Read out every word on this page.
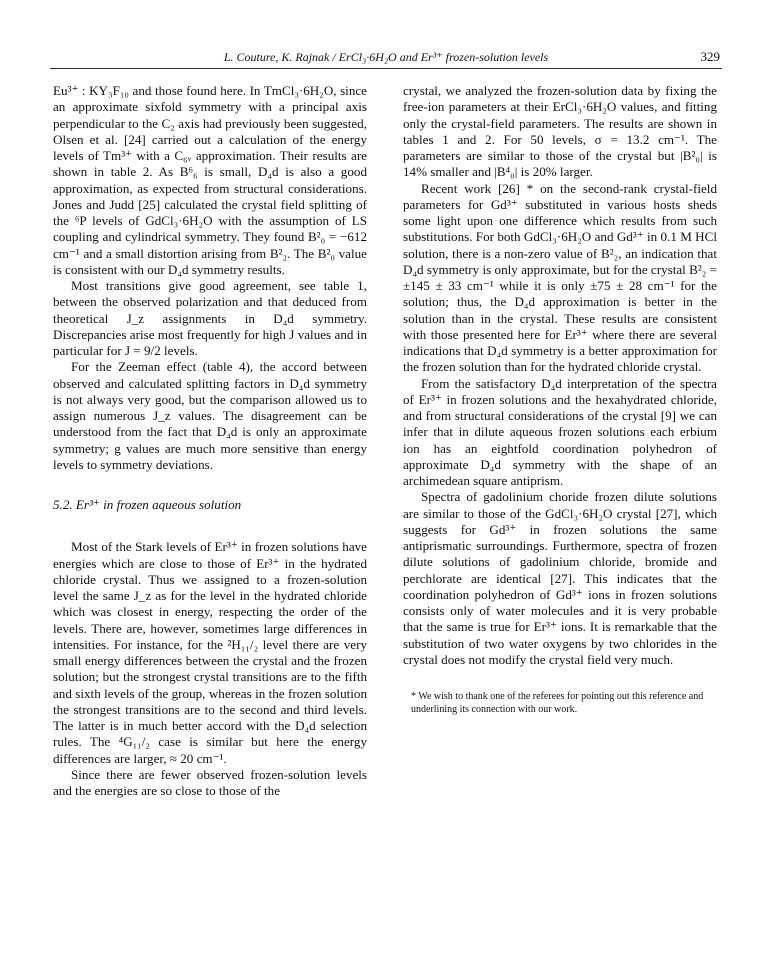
L. Couture, K. Rajnak / ErCl₃·6H₂O and Er³⁺ frozen-solution levels	329

Eu³⁺ : KY₃F₁₀ and those found here. In TmCl₃·6H₂O, since an approximate sixfold symmetry with a principal axis perpendicular to the C₂ axis had previously been suggested, Olsen et al. [24] carried out a calculation of the energy levels of Tm³⁺ with a C₆ᵥ approximation. Their results are shown in table 2. As B⁶₆ is small, D₄d is also a good approximation, as expected from structural considerations. Jones and Judd [25] calculated the crystal field splitting of the ⁶P levels of GdCl₃·6H₂O with the assumption of LS coupling and cylindrical symmetry. They found B²₀ = −612 cm⁻¹ and a small distortion arising from B²₂. The B²₀ value is consistent with our D₄d symmetry results.

Most transitions give good agreement, see table 1, between the observed polarization and that deduced from theoretical J_z assignments in D₄d symmetry. Discrepancies arise most frequently for high J values and in particular for J = 9/2 levels.

For the Zeeman effect (table 4), the accord between observed and calculated splitting factors in D₄d symmetry is not always very good, but the comparison allowed us to assign numerous J_z values. The disagreement can be understood from the fact that D₄d is only an approximate symmetry; g values are much more sensitive than energy levels to symmetry deviations.

5.2. Er³⁺ in frozen aqueous solution

Most of the Stark levels of Er³⁺ in frozen solutions have energies which are close to those of Er³⁺ in the hydrated chloride crystal. Thus we assigned to a frozen-solution level the same J_z as for the level in the hydrated chloride which was closest in energy, respecting the order of the levels. There are, however, sometimes large differences in intensities. For instance, for the ²H₁₁/₂ level there are very small energy differences between the crystal and the frozen solution; but the strongest crystal transitions are to the fifth and sixth levels of the group, whereas in the frozen solution the strongest transitions are to the second and third levels. The latter is in much better accord with the D₄d selection rules. The ⁴G₁₁/₂ case is similar but here the energy differences are larger, ≈ 20 cm⁻¹.

Since there are fewer observed frozen-solution levels and the energies are so close to those of the

crystal, we analyzed the frozen-solution data by fixing the free-ion parameters at their ErCl₃·6H₂O values, and fitting only the crystal-field parameters. The results are shown in tables 1 and 2. For 50 levels, σ = 13.2 cm⁻¹. The parameters are similar to those of the crystal but |B²₀| is 14% smaller and |B⁴₀| is 20% larger.

Recent work [26] * on the second-rank crystal-field parameters for Gd³⁺ substituted in various hosts sheds some light upon one difference which results from such substitutions. For both GdCl₃·6H₂O and Gd³⁺ in 0.1 M HCl solution, there is a non-zero value of B²₂, an indication that D₄d symmetry is only approximate, but for the crystal B²₂ = ±145 ± 33 cm⁻¹ while it is only ±75 ± 28 cm⁻¹ for the solution; thus, the D₄d approximation is better in the solution than in the crystal. These results are consistent with those presented here for Er³⁺ where there are several indications that D₄d symmetry is a better approximation for the frozen solution than for the hydrated chloride crystal.

From the satisfactory D₄d interpretation of the spectra of Er³⁺ in frozen solutions and the hexahydrated chloride, and from structural considerations of the crystal [9] we can infer that in dilute aqueous frozen solutions each erbium ion has an eightfold coordination polyhedron of approximate D₄d symmetry with the shape of an archimedean square antiprism.

Spectra of gadolinium choride frozen dilute solutions are similar to those of the GdCl₃·6H₂O crystal [27], which suggests for Gd³⁺ in frozen solutions the same antiprismatic surroundings. Furthermore, spectra of frozen dilute solutions of gadolinium chloride, bromide and perchlorate are identical [27]. This indicates that the coordination polyhedron of Gd³⁺ ions in frozen solutions consists only of water molecules and it is very probable that the same is true for Er³⁺ ions. It is remarkable that the substitution of two water oxygens by two chlorides in the crystal does not modify the crystal field very much.

* We wish to thank one of the referees for pointing out this reference and underlining its connection with our work.
